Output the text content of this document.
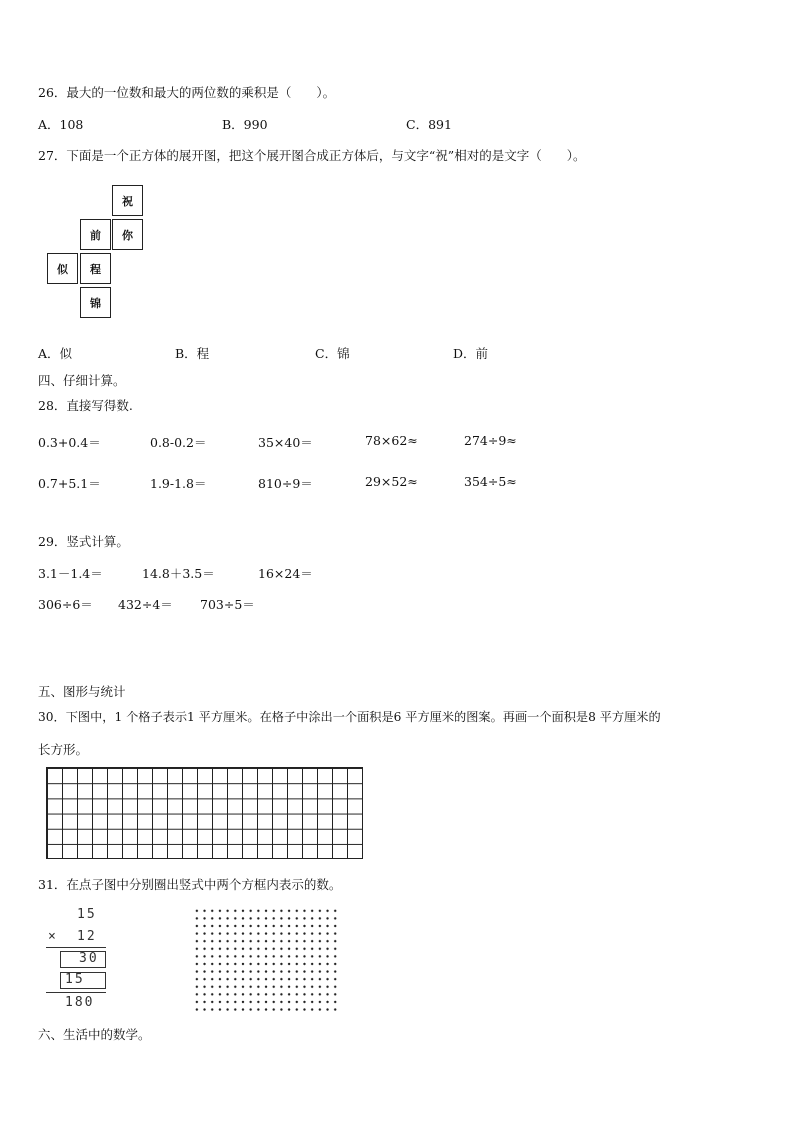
26．最大的一位数和最大的两位数的乘积是（　　）。
A．108	B．990	C．891
27．下面是一个正方体的展开图，把这个展开图合成正方体后，与文字“祝”相对的是文字（　　）。
祝
前	你
似	程
锦
A．似	B．程	C．锦	D．前
四、仔细计算。
28．直接写得数.
0.3+0.4＝	0.8-0.2＝	35×40＝	78×62≈	274÷9≈
0.7+5.1＝	1.9-1.8＝	810÷9＝	29×52≈	354÷5≈
29．竖式计算。
3.1－1.4＝	14.8＋3.5＝	16×24＝
306÷6＝ 432÷4＝ 703÷5＝
五、图形与统计
30．下图中，1 个格子表示1 平方厘米。在格子中涂出一个面积是6 平方厘米的图案。再画一个面积是8 平方厘米的
长方形。
31．在点子图中分别圈出竖式中两个方框内表示的数。
15
× 12
30
15
180
六、生活中的数学。
